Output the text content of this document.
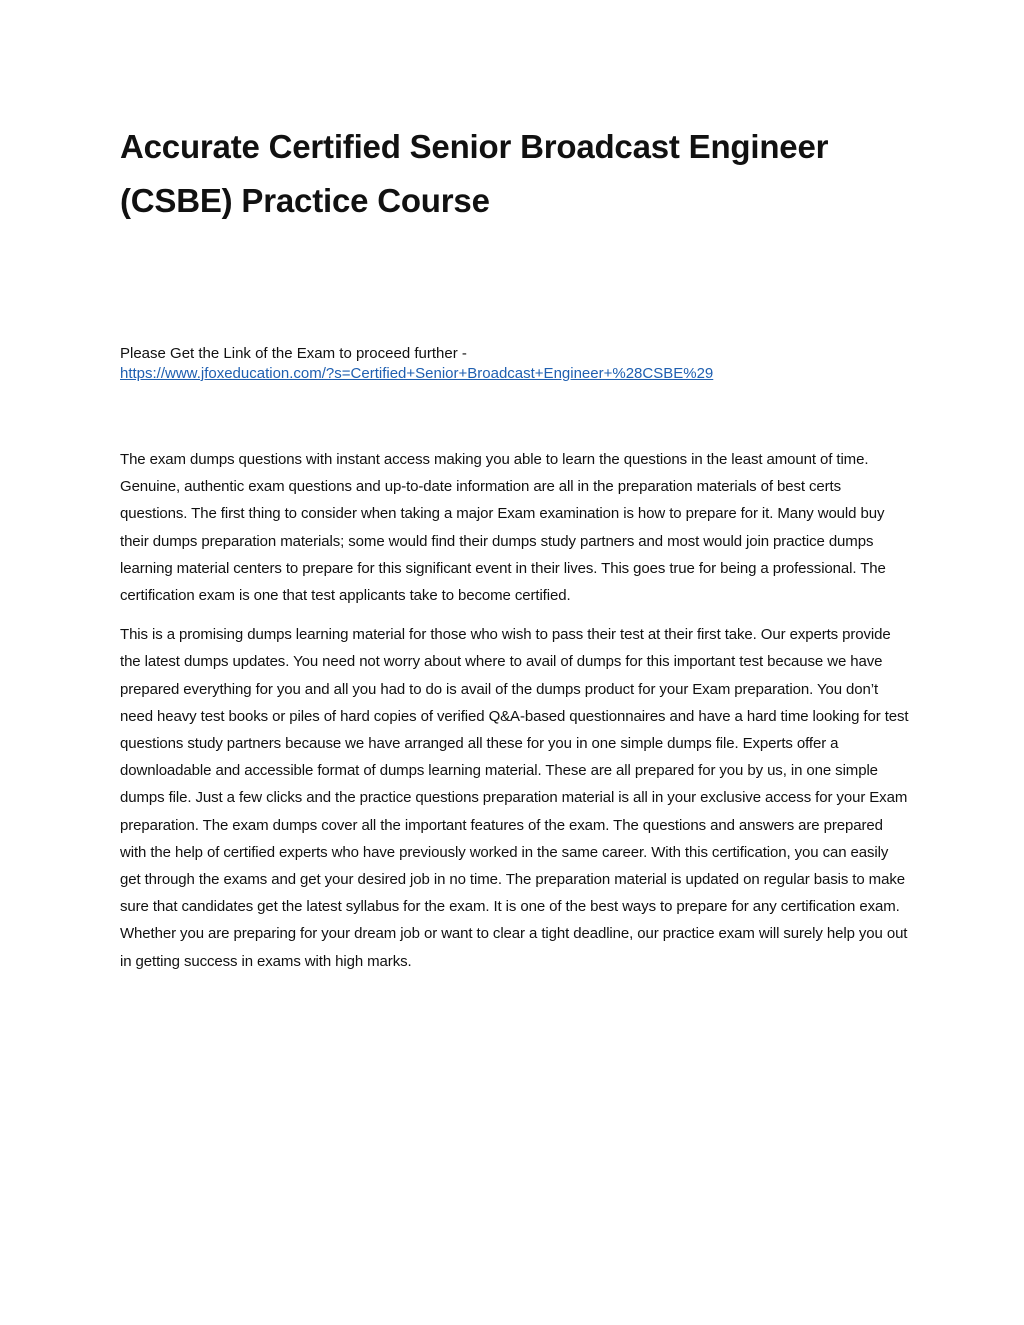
Accurate Certified Senior Broadcast Engineer (CSBE) Practice Course

Please Get the Link of the Exam to proceed further -
https://www.jfoxeducation.com/?s=Certified+Senior+Broadcast+Engineer+%28CSBE%29

The exam dumps questions with instant access making you able to learn the questions in the least amount of time. Genuine, authentic exam questions and up-to-date information are all in the preparation materials of best certs questions. The first thing to consider when taking a major Exam examination is how to prepare for it. Many would buy their dumps preparation materials; some would find their dumps study partners and most would join practice dumps learning material centers to prepare for this significant event in their lives. This goes true for being a professional. The certification exam is one that test applicants take to become certified.

This is a promising dumps learning material for those who wish to pass their test at their first take. Our experts provide the latest dumps updates. You need not worry about where to avail of dumps for this important test because we have prepared everything for you and all you had to do is avail of the dumps product for your Exam preparation. You don’t need heavy test books or piles of hard copies of verified Q&A-based questionnaires and have a hard time looking for test questions study partners because we have arranged all these for you in one simple dumps file. Experts offer a downloadable and accessible format of dumps learning material. These are all prepared for you by us, in one simple dumps file. Just a few clicks and the practice questions preparation material is all in your exclusive access for your Exam preparation. The exam dumps cover all the important features of the exam. The questions and answers are prepared with the help of certified experts who have previously worked in the same career. With this certification, you can easily get through the exams and get your desired job in no time. The preparation material is updated on regular basis to make sure that candidates get the latest syllabus for the exam. It is one of the best ways to prepare for any certification exam. Whether you are preparing for your dream job or want to clear a tight deadline, our practice exam will surely help you out in getting success in exams with high marks.
